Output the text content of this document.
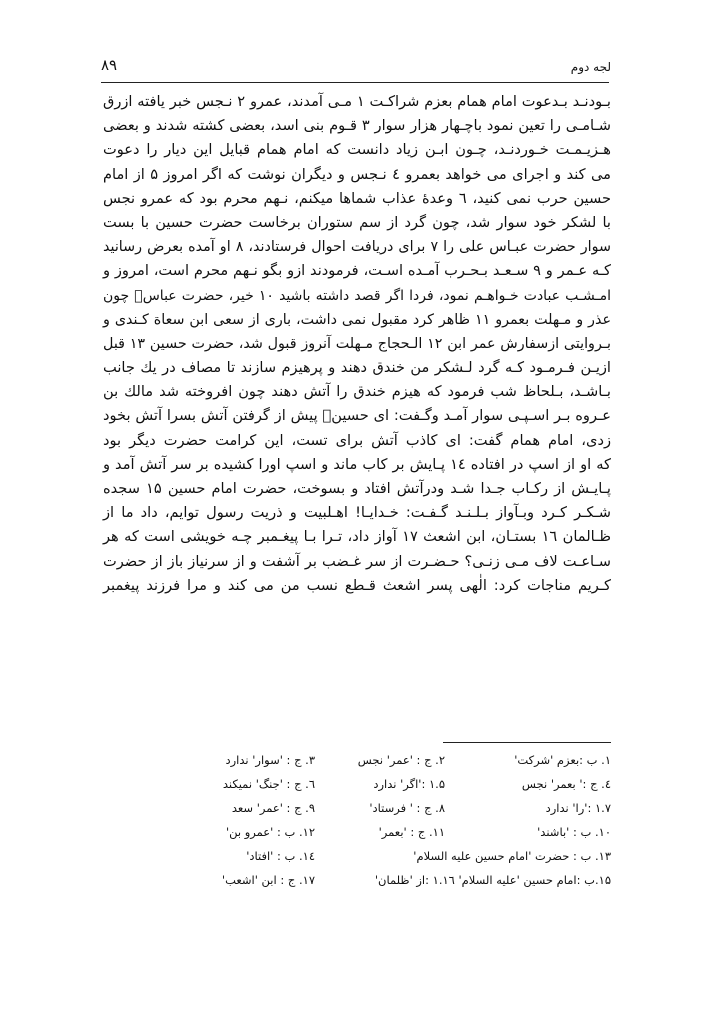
لجه دوم
۸۹
بـودنـد بـدعوت امام همام بعزم شراکـت ۱ مـی آمدند، عمرو ۲ نـجس خبر یافته ازرق
شـامـی را تعین نمود باچـهار هزار سوار ۳ قـوم بنی اسد، بعضی کشته شدند و بعضی
هـزیـمـت خـوردنـد، چـون ابـن زیاد دانست که امام همام قبایل این دیار را دعوت
می کند و اجرای می خواهد بعمرو ٤ نـجس و دیگران نوشت که اگر امروز ۵ از امام
حسین حرب نمی کنید، ٦ وعدهٔ عذاب شماها میکنم، نـهم محرم بود که عمرو نجس
با لشکر خود سوار شد، چون گرد از سم ستوران برخاست حضرت حسین با بست
سوار حضرت عبـاس علی را ۷ برای دریافت احوال فرستادند، ۸ او آمده بعرض رسانید
کـه عـمر و ۹ سـعـد بـحـرب آمـده اسـت، فرمودند ازو بگو نـهم محرم است، امروز و
امـشـب عبادت خـواهـم نمود، فردا اگر قصد داشته باشید ۱۰ خیر، حضرت عباسؑ چون
عذر و مـهلت بعمرو ۱۱ ظاهر کرد مقبول نمی داشت، باری از سعی ابن سعاة کـندی و
بـروایتی ازسفارش عمر ابن ۱۲ الـحجاج مـهلت آنروز قبول شد، حضرت حسین ۱۳ قبل
ازیـن فـرمـود کـه گرد لـشکر من خندق دهند و پرهیزم سازند تا مصاف در یك جانب
بـاشـد، بـلحاظ شب فرمود که هیزم خندق را آتش دهند چون افروخته شد مالك بن
عـروه بـر اسـپـی سوار آمـد وگـفت: ای حسینؑ پیش از گرفتن آتش بسرا آتش بخود
زدی، امام همام گفت: ای کاذب آتش برای تست، این کرامت حضرت دیگر بود
که او از اسپ در افتاده ۱٤ پـایش بر کاب ماند و اسپ اورا کشیده بر سر آتش آمد و
پـایـش از رکـاب جـدا شـد ودرآتش افتاد و بسوخت، حضرت امام حسین ۱۵ سجده
شـکـر کـرد وبـآواز بـلـنـد گـفـت: خـدایـا! اهـلبیت و ذریت رسول توایم، داد ما از
ظـالمان ۱٦ بستـان، ابن اشعث ۱۷ آواز داد، تـرا بـا پیغـمبر چـه خویشی است که هر
سـاعـت لاف مـی زنـی؟ حـضـرت از سر غـضب بر آشفت و از سرنیاز باز از حضرت
کـریم مناجات کرد: الٰهی پسر اشعث قـطع نسب من می کند و مرا فرزند پیغمبر
۱. ب :بعزم 'شرکت'
۲. ج : 'عمر' نجس
۳. ج : 'سوار' ندارد
٤. ج :' بعمر' نجس
۱.۵ :'اگر' ندارد
٦. ج : 'جنگ' نمیکند
۱.۷ :'را' ندارد
۸. ج : ' فرستاد'
۹. ج : 'عمر' سعد
۱۰. ب : 'باشند'
۱۱. ج : 'بعمر'
۱۲. ب : 'عمرو بن'
۱۳. ب : حضرت 'امام حسین علیه السلام'
۱٤. ب : 'افتاد'
۱۵.ب :امام حسین 'علیه السلام' ۱.۱٦ :از 'ظلمان'
۱۷. ج : ابن 'اشعب'
